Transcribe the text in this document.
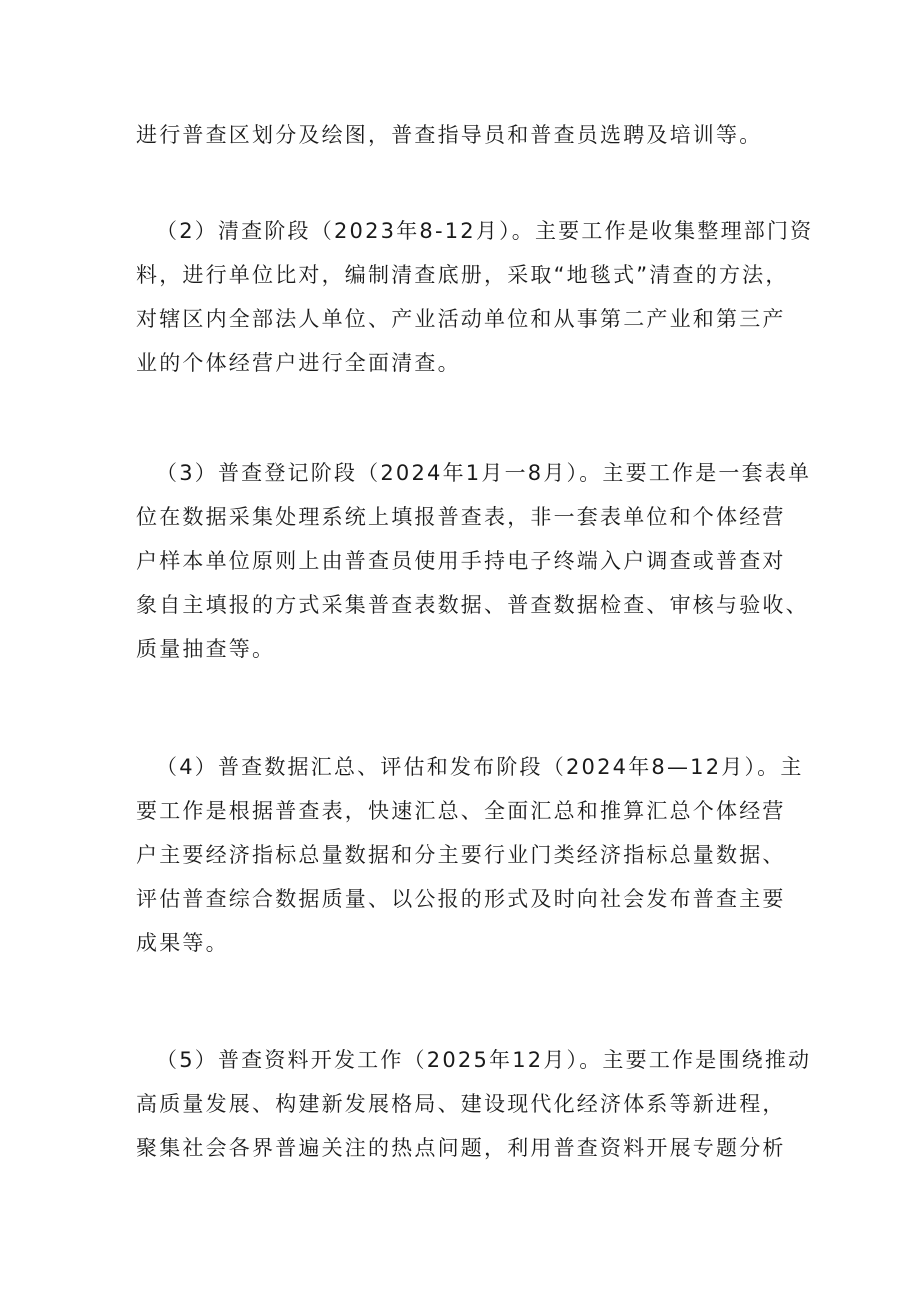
进行普查区划分及绘图，普查指导员和普查员选聘及培训等。

（2）清查阶段（2023年8-12月）。主要工作是收集整理部门资
料，进行单位比对，编制清查底册，采取“地毯式”清查的方法，
对辖区内全部法人单位、产业活动单位和从事第二产业和第三产
业的个体经营户进行全面清查。

（3）普查登记阶段（2024年1月一8月）。主要工作是一套表单
位在数据采集处理系统上填报普查表，非一套表单位和个体经营
户样本单位原则上由普查员使用手持电子终端入户调查或普查对
象自主填报的方式采集普查表数据、普查数据检查、审核与验收、
质量抽查等。

（4）普查数据汇总、评估和发布阶段（2024年8—12月）。主
要工作是根据普查表，快速汇总、全面汇总和推算汇总个体经营
户主要经济指标总量数据和分主要行业门类经济指标总量数据、
评估普查综合数据质量、以公报的形式及时向社会发布普查主要
成果等。

（5）普查资料开发工作（2025年12月）。主要工作是围绕推动
高质量发展、构建新发展格局、建设现代化经济体系等新进程，
聚集社会各界普遍关注的热点问题，利用普查资料开展专题分析
